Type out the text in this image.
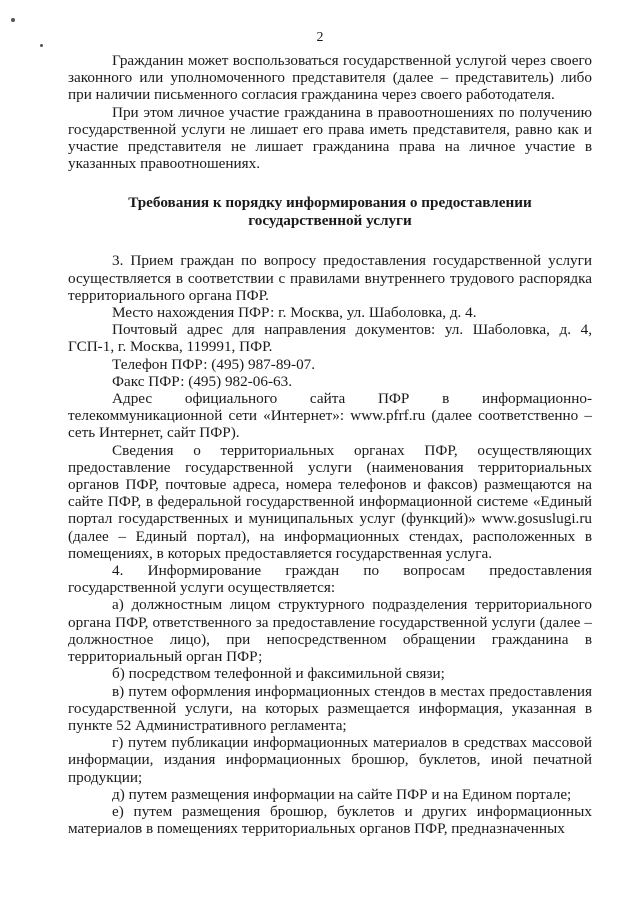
2

Гражданин может воспользоваться государственной услугой через своего законного или уполномоченного представителя (далее – представитель) либо при наличии письменного согласия гражданина через своего работодателя.

При этом личное участие гражданина в правоотношениях по получению государственной услуги не лишает его права иметь представителя, равно как и участие представителя не лишает гражданина права на личное участие в указанных правоотношениях.

Требования к порядку информирования о предоставлении
государственной услуги

3. Прием граждан по вопросу предоставления государственной услуги осуществляется в соответствии с правилами внутреннего трудового распорядка территориального органа ПФР.

Место нахождения ПФР: г. Москва, ул. Шаболовка, д. 4.

Почтовый адрес для направления документов: ул. Шаболовка, д. 4, ГСП-1, г. Москва, 119991, ПФР.

Телефон ПФР: (495) 987-89-07.

Факс ПФР: (495) 982-06-63.

Адрес официального сайта ПФР в информационно-телекоммуникационной сети «Интернет»: www.pfrf.ru (далее соответственно – сеть Интернет, сайт ПФР).

Сведения о территориальных органах ПФР, осуществляющих предоставление государственной услуги (наименования территориальных органов ПФР, почтовые адреса, номера телефонов и факсов) размещаются на сайте ПФР, в федеральной государственной информационной системе «Единый портал государственных и муниципальных услуг (функций)» www.gosuslugi.ru (далее – Единый портал), на информационных стендах, расположенных в помещениях, в которых предоставляется государственная услуга.

4. Информирование граждан по вопросам предоставления государственной услуги осуществляется:

а) должностным лицом структурного подразделения территориального органа ПФР, ответственного за предоставление государственной услуги (далее – должностное лицо), при непосредственном обращении гражданина в территориальный орган ПФР;

б) посредством телефонной и факсимильной связи;

в) путем оформления информационных стендов в местах предоставления государственной услуги, на которых размещается информация, указанная в пункте 52 Административного регламента;

г) путем публикации информационных материалов в средствах массовой информации, издания информационных брошюр, буклетов, иной печатной продукции;

д) путем размещения информации на сайте ПФР и на Едином портале;

е) путем размещения брошюр, буклетов и других информационных материалов в помещениях территориальных органов ПФР, предназначенных
